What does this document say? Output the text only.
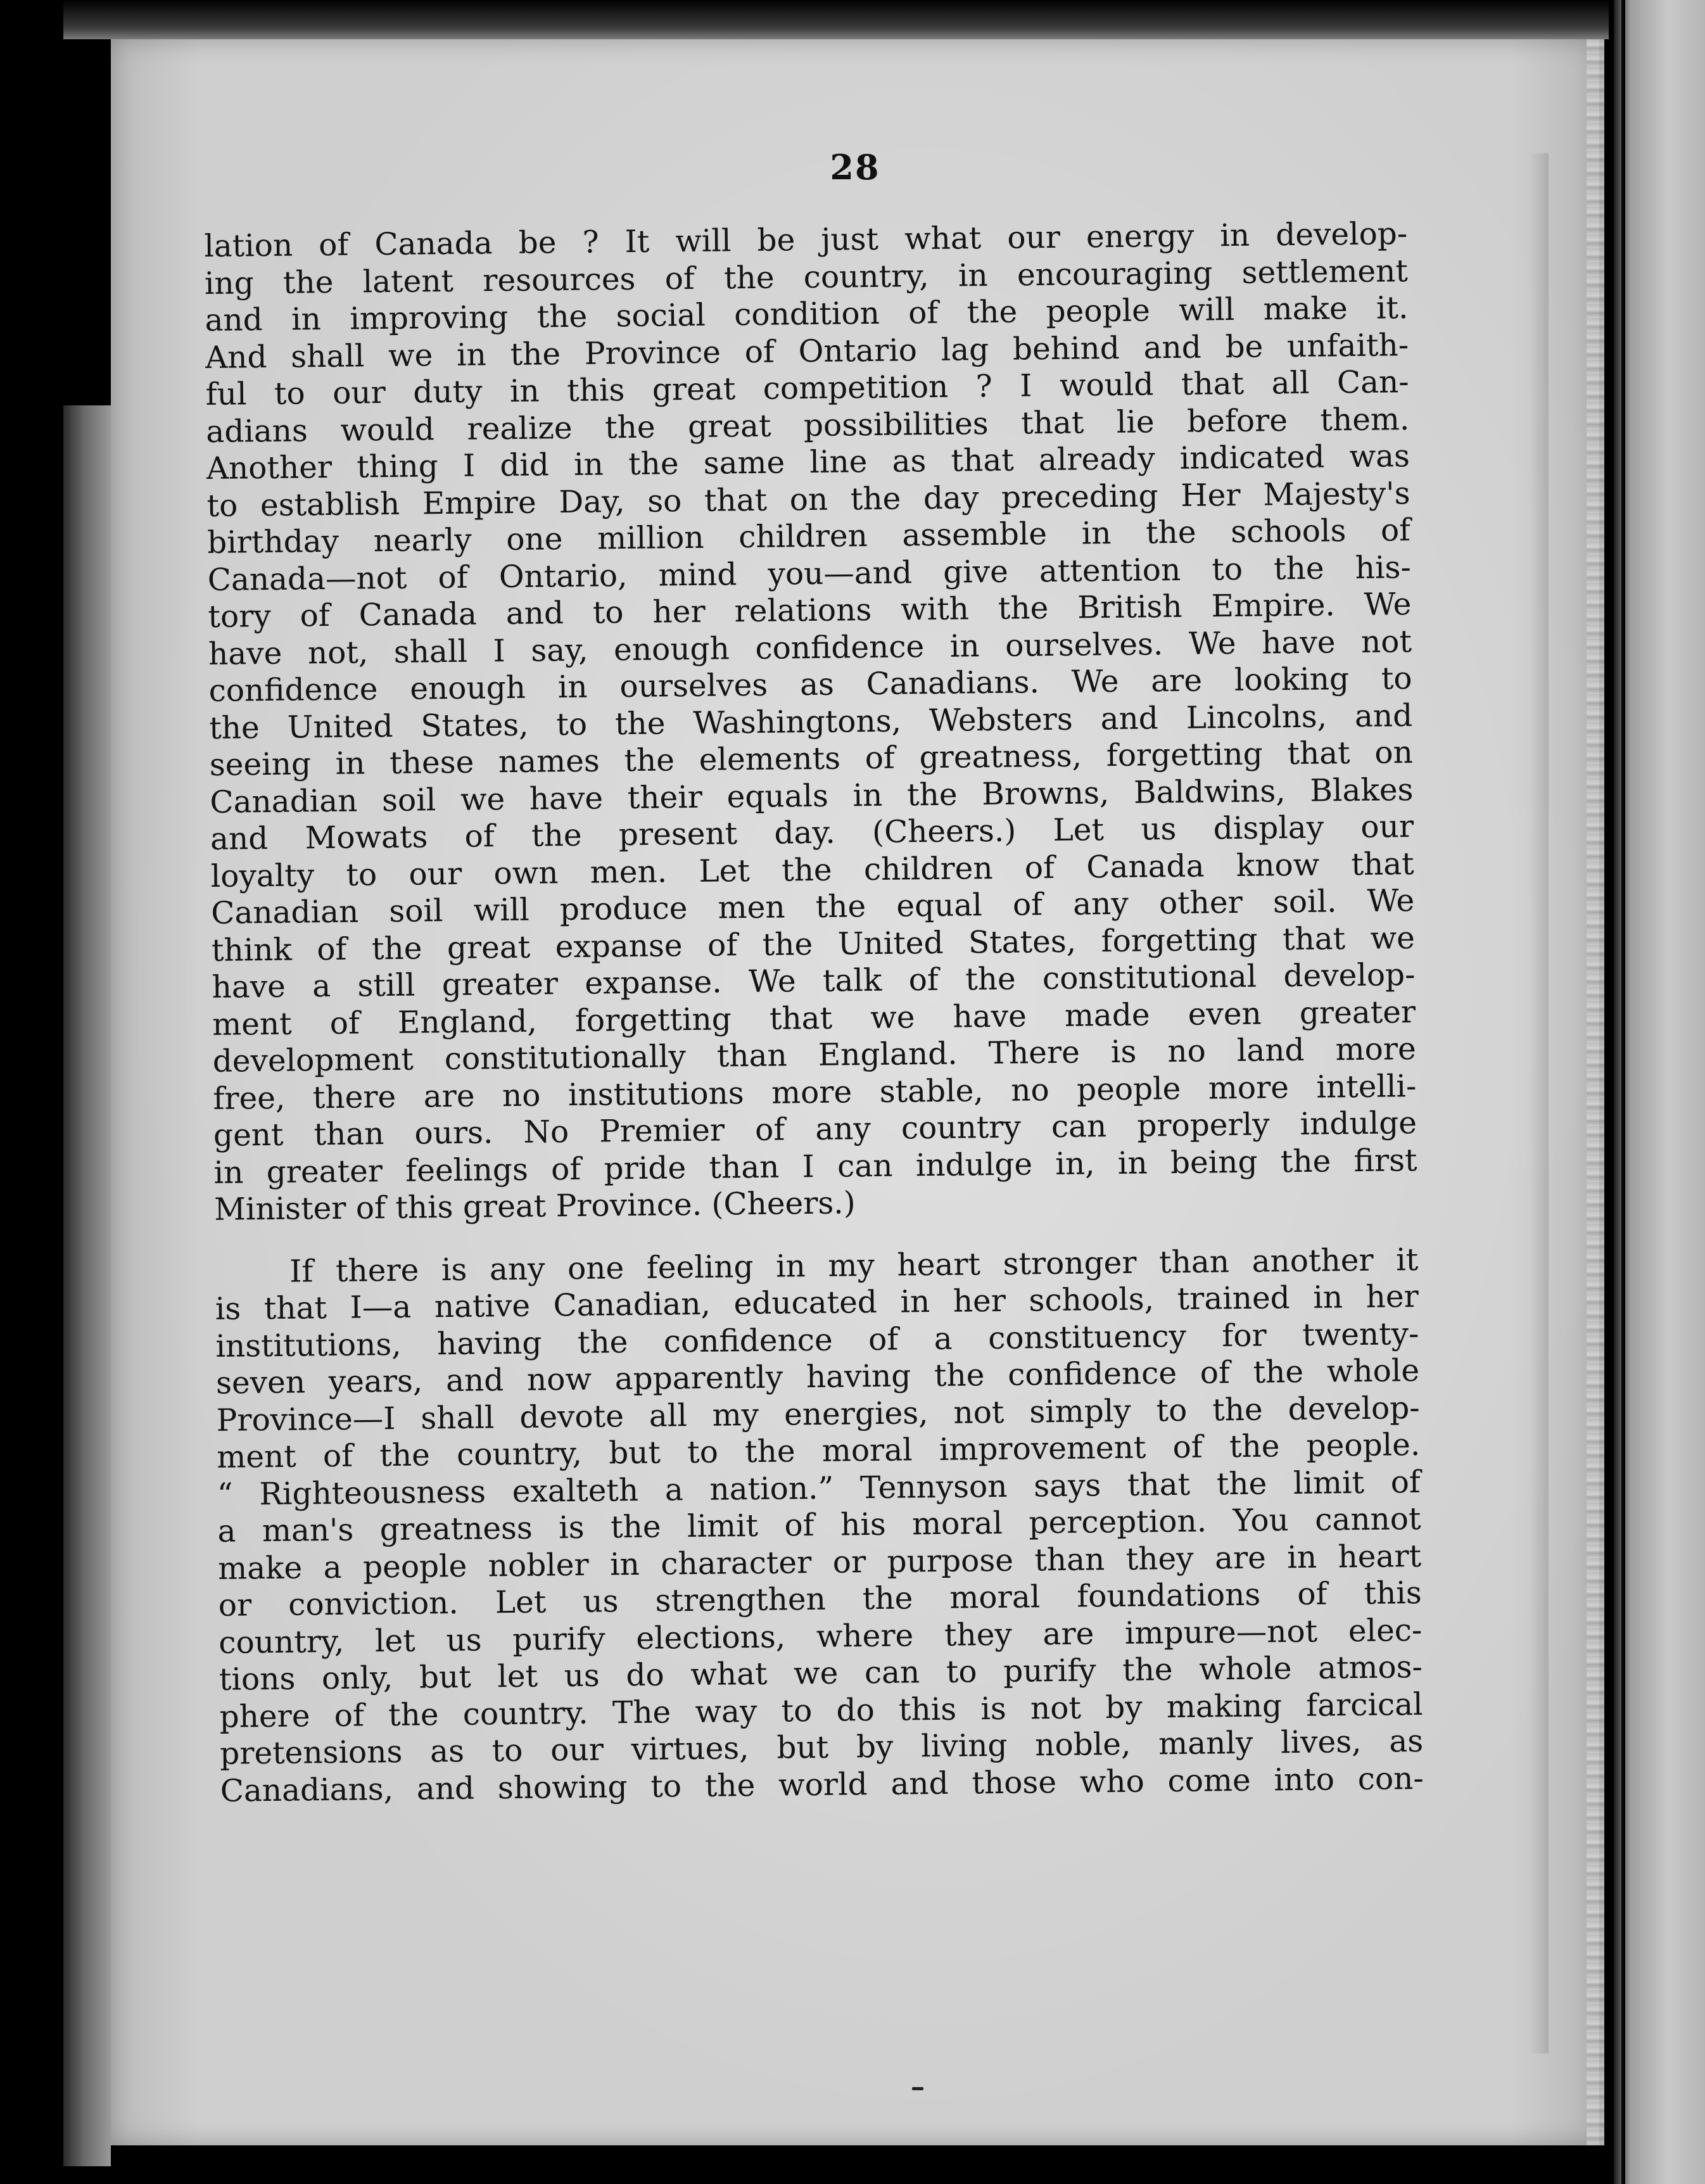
28
lation of Canada be ? It will be just what our energy in develop-
ing the latent resources of the country, in encouraging settlement
and in improving the social condition of the people will make it.
And shall we in the Province of Ontario lag behind and be unfaith-
ful to our duty in this great competition ? I would that all Can-
adians would realize the great possibilities that lie before them.
Another thing I did in the same line as that already indicated was
to establish Empire Day, so that on the day preceding Her Majesty's
birthday nearly one million children assemble in the schools of
Canada—not of Ontario, mind you—and give attention to the his-
tory of Canada and to her relations with the British Empire. We
have not, shall I say, enough confidence in ourselves. We have not
confidence enough in ourselves as Canadians. We are looking to
the United States, to the Washingtons, Websters and Lincolns, and
seeing in these names the elements of greatness, forgetting that on
Canadian soil we have their equals in the Browns, Baldwins, Blakes
and Mowats of the present day. (Cheers.) Let us display our
loyalty to our own men. Let the children of Canada know that
Canadian soil will produce men the equal of any other soil. We
think of the great expanse of the United States, forgetting that we
have a still greater expanse. We talk of the constitutional develop-
ment of England, forgetting that we have made even greater
development constitutionally than England. There is no land more
free, there are no institutions more stable, no people more intelli-
gent than ours. No Premier of any country can properly indulge
in greater feelings of pride than I can indulge in, in being the first
Minister of this great Province. (Cheers.)
If there is any one feeling in my heart stronger than another it
is that I—a native Canadian, educated in her schools, trained in her
institutions, having the confidence of a constituency for twenty-
seven years, and now apparently having the confidence of the whole
Province—I shall devote all my energies, not simply to the develop-
ment of the country, but to the moral improvement of the people.
“ Righteousness exalteth a nation.” Tennyson says that the limit of
a man's greatness is the limit of his moral perception. You cannot
make a people nobler in character or purpose than they are in heart
or conviction. Let us strengthen the moral foundations of this
country, let us purify elections, where they are impure—not elec-
tions only, but let us do what we can to purify the whole atmos-
phere of the country. The way to do this is not by making farcical
pretensions as to our virtues, but by living noble, manly lives, as
Canadians, and showing to the world and those who come into con-
